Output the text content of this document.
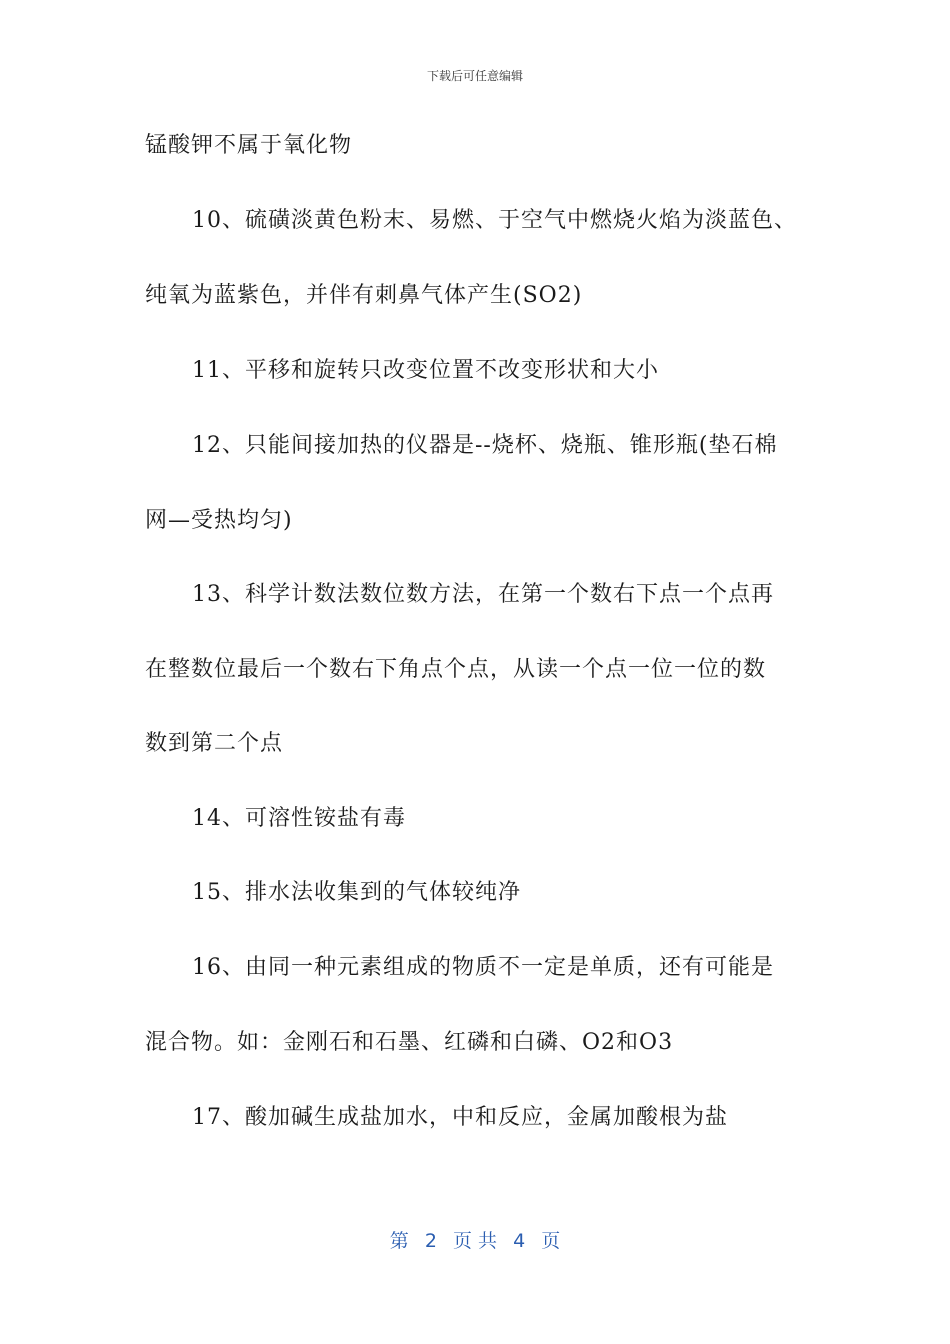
下载后可任意编辑
锰酸钾不属于氧化物
10、硫磺淡黄色粉末、易燃、于空气中燃烧火焰为淡蓝色、
纯氧为蓝紫色，并伴有刺鼻气体产生(SO2)
11、平移和旋转只改变位置不改变形状和大小
12、只能间接加热的仪器是--烧杯、烧瓶、锥形瓶(垫石棉
网—受热均匀)
13、科学计数法数位数方法，在第一个数右下点一个点再
在整数位最后一个数右下角点个点，从读一个点一位一位的数
数到第二个点
14、可溶性铵盐有毒
15、排水法收集到的气体较纯净
16、由同一种元素组成的物质不一定是单质，还有可能是
混合物。如：金刚石和石墨、红磷和白磷、O2和O3
17、酸加碱生成盐加水，中和反应，金属加酸根为盐
第 2 页 共 4 页
